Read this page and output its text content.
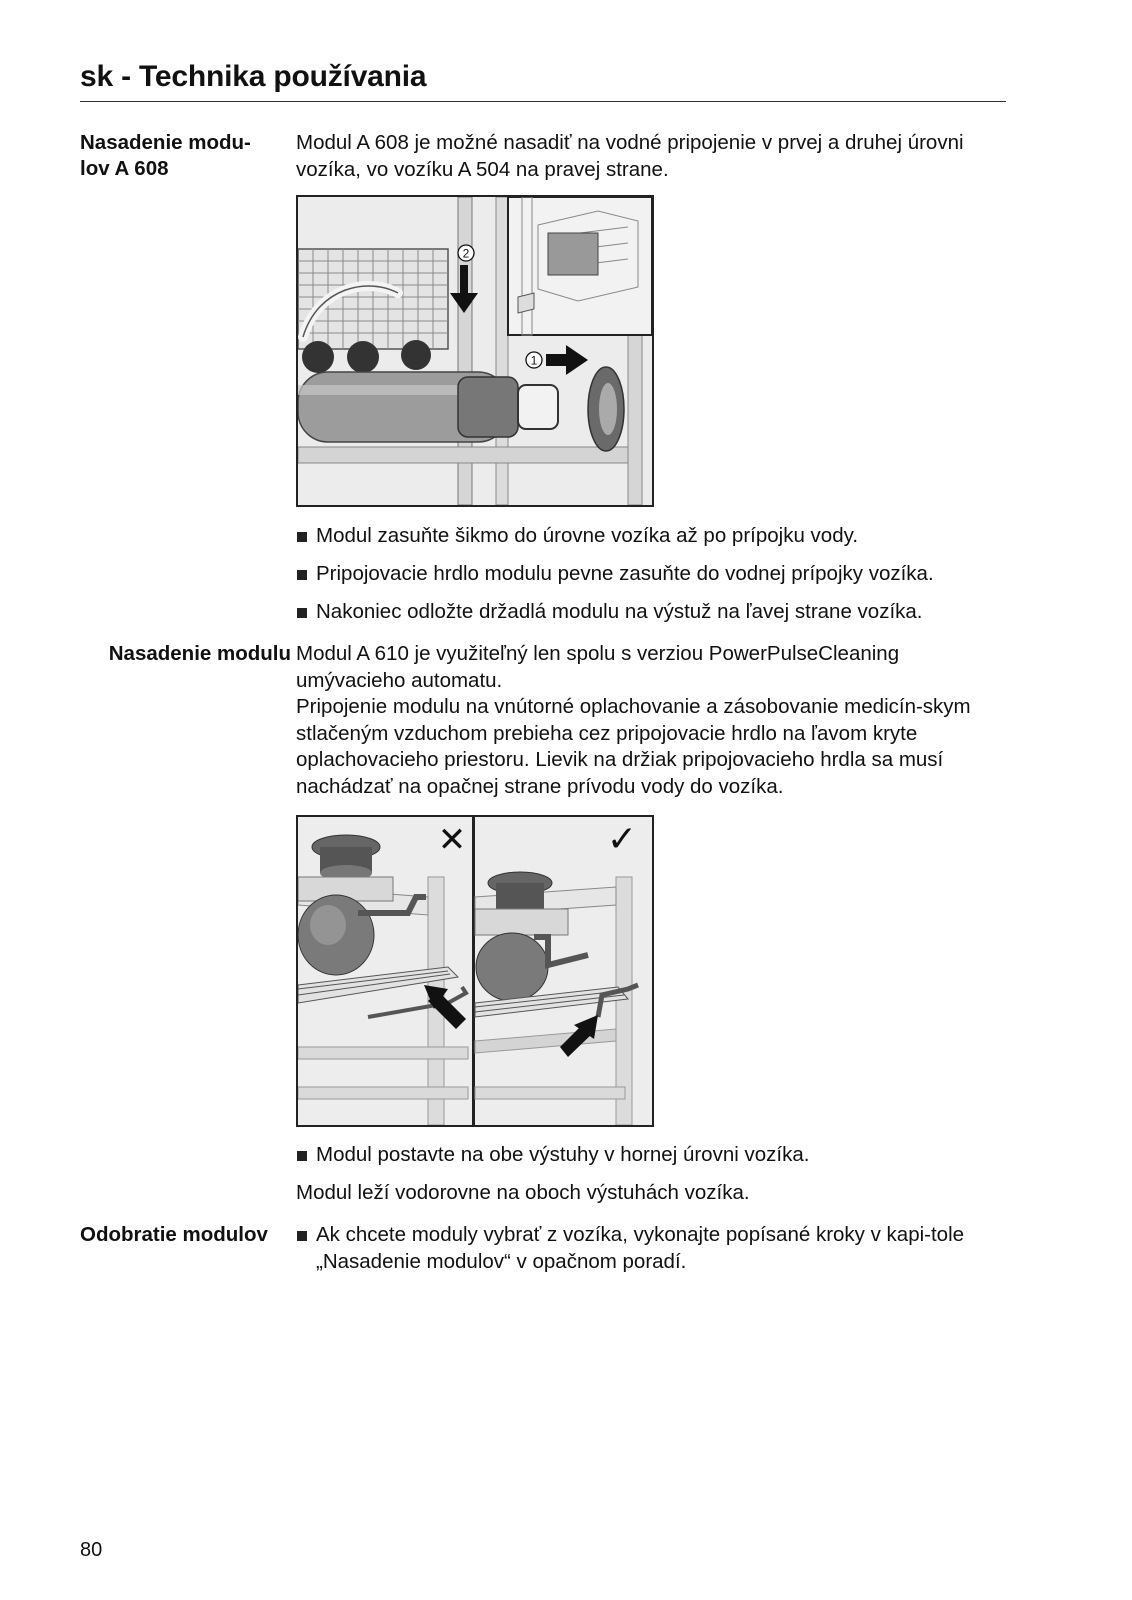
sk - Technika používania
Nasadenie modu-
lov A 608
Modul A 608 je možné nasadiť na vodné pripojenie v prvej a druhej úrovni vozíka, vo vozíku A 504 na pravej strane.
2
1
Modul zasuňte šikmo do úrovne vozíka až po prípojku vody.
Pripojovacie hrdlo modulu pevne zasuňte do vodnej prípojky vozíka.
Nakoniec odložte držadlá modulu na výstuž na ľavej strane vozíka.
Nasadenie modulu Modul A 610 je využiteľný len spolu s verziou PowerPulseCleaning umývacieho automatu.
Pripojenie modulu na vnútorné oplachovanie a zásobovanie medicín-skym stlačeným vzduchom prebieha cez pripojovacie hrdlo na ľavom kryte oplachovacieho priestoru. Lievik na držiak pripojovacieho hrdla sa musí nachádzať na opačnej strane prívodu vody do vozíka.
✕	✓
Modul postavte na obe výstuhy v hornej úrovni vozíka.
Modul leží vodorovne na oboch výstuhách vozíka.
Odobratie modulov	Ak chcete moduly vybrať z vozíka, vykonajte popísané kroky v kapi-tole „Nasadenie modulov“ v opačnom poradí.
80
